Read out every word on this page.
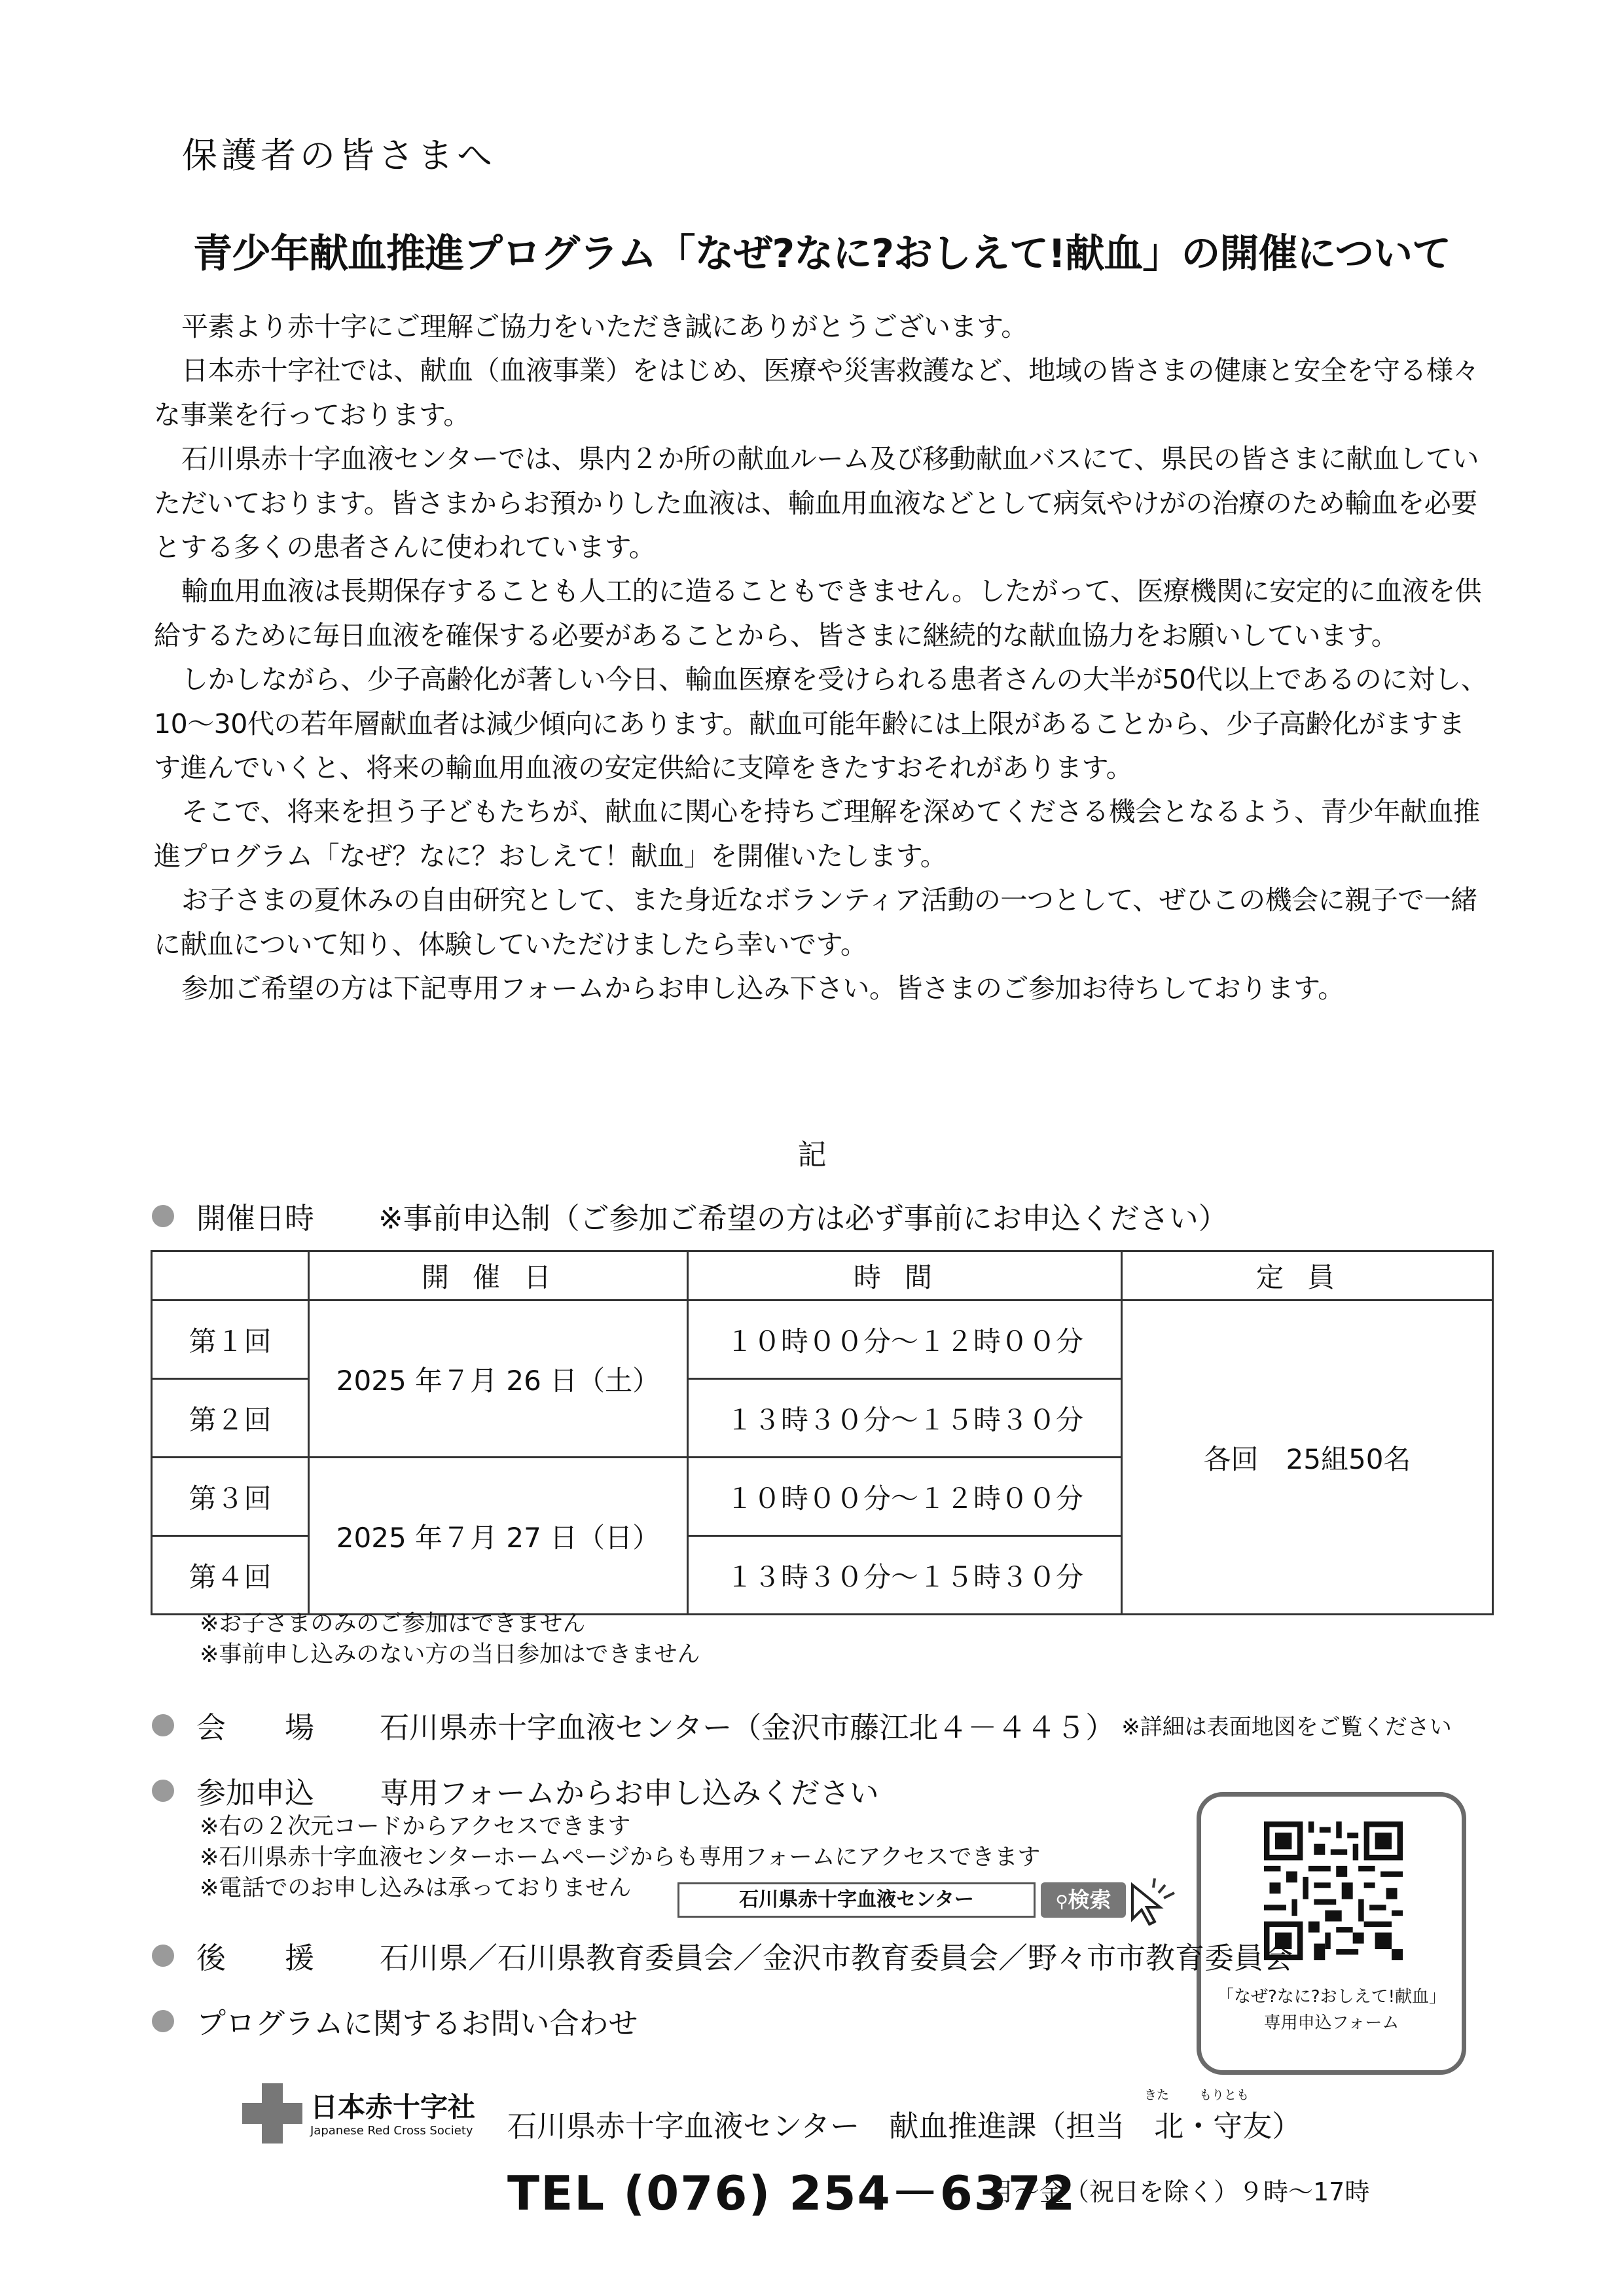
保護者の皆さまへ
青少年献血推進プログラム「なぜ?なに?おしえて!献血」の開催について

平素より赤十字にご理解ご協力をいただき誠にありがとうございます。

日本赤十字社では、献血（血液事業）をはじめ、医療や災害救護など、地域の皆さまの健康と安全を守る様々な事業を行っております。

石川県赤十字血液センターでは、県内２か所の献血ルーム及び移動献血バスにて、県民の皆さまに献血していただいております。皆さまからお預かりした血液は、輸血用血液などとして病気やけがの治療のため輸血を必要とする多くの患者さんに使われています。

輸血用血液は長期保存することも人工的に造ることもできません。したがって、医療機関に安定的に血液を供給するために毎日血液を確保する必要があることから、皆さまに継続的な献血協力をお願いしています。

しかしながら、少子高齢化が著しい今日、輸血医療を受けられる患者さんの大半が50代以上であるのに対し、10～30代の若年層献血者は減少傾向にあります。献血可能年齢には上限があることから、少子高齢化がますます進んでいくと、将来の輸血用血液の安定供給に支障をきたすおそれがあります。

そこで、将来を担う子どもたちが、献血に関心を持ちご理解を深めてくださる機会となるよう、青少年献血推進プログラム「なぜ？なに？おしえて！献血」を開催いたします。

お子さまの夏休みの自由研究として、また身近なボランティア活動の一つとして、ぜひこの機会に親子で一緒に献血について知り、体験していただけましたら幸いです。

参加ご希望の方は下記専用フォームからお申し込み下さい。皆さまのご参加お待ちしております。

記
開催日時 ※事前申込制（ご参加ご希望の方は必ず事前にお申込ください）
	開催日	時間	定員
第１回	2025 年７月 26 日（土）	１０時００分～１２時００分	各回　25組50名
第２回		１３時３０分～１５時３０分	
第３回	2025 年７月 27 日（日）	１０時００分～１２時００分	
第４回		１３時３０分～１５時３０分	
※お子さまのみのご参加はできません
※事前申し込みのない方の当日参加はできません
会　　場	石川県赤十字血液センター（金沢市藤江北４－４４５） ※詳細は表面地図をご覧ください
参加申込	専用フォームからお申し込みください
※右の２次元コードからアクセスできます
※石川県赤十字血液センターホームページからも専用フォームにアクセスできます
※電話でのお申し込みは承っておりません	石川県赤十字血液センター	⚲検索
「なぜ?なに?おしえて!献血」
専用申込フォーム
後　　援	石川県／石川県教育委員会／金沢市教育委員会／野々市市教育委員会
プログラムに関するお問い合わせ
日本赤十字社
Japanese Red Cross Society
きた もりとも
石川県赤十字血液センター　献血推進課（担当　北・守友）
TEL (076) 254－6372
月～金（祝日を除く）９時～17時
